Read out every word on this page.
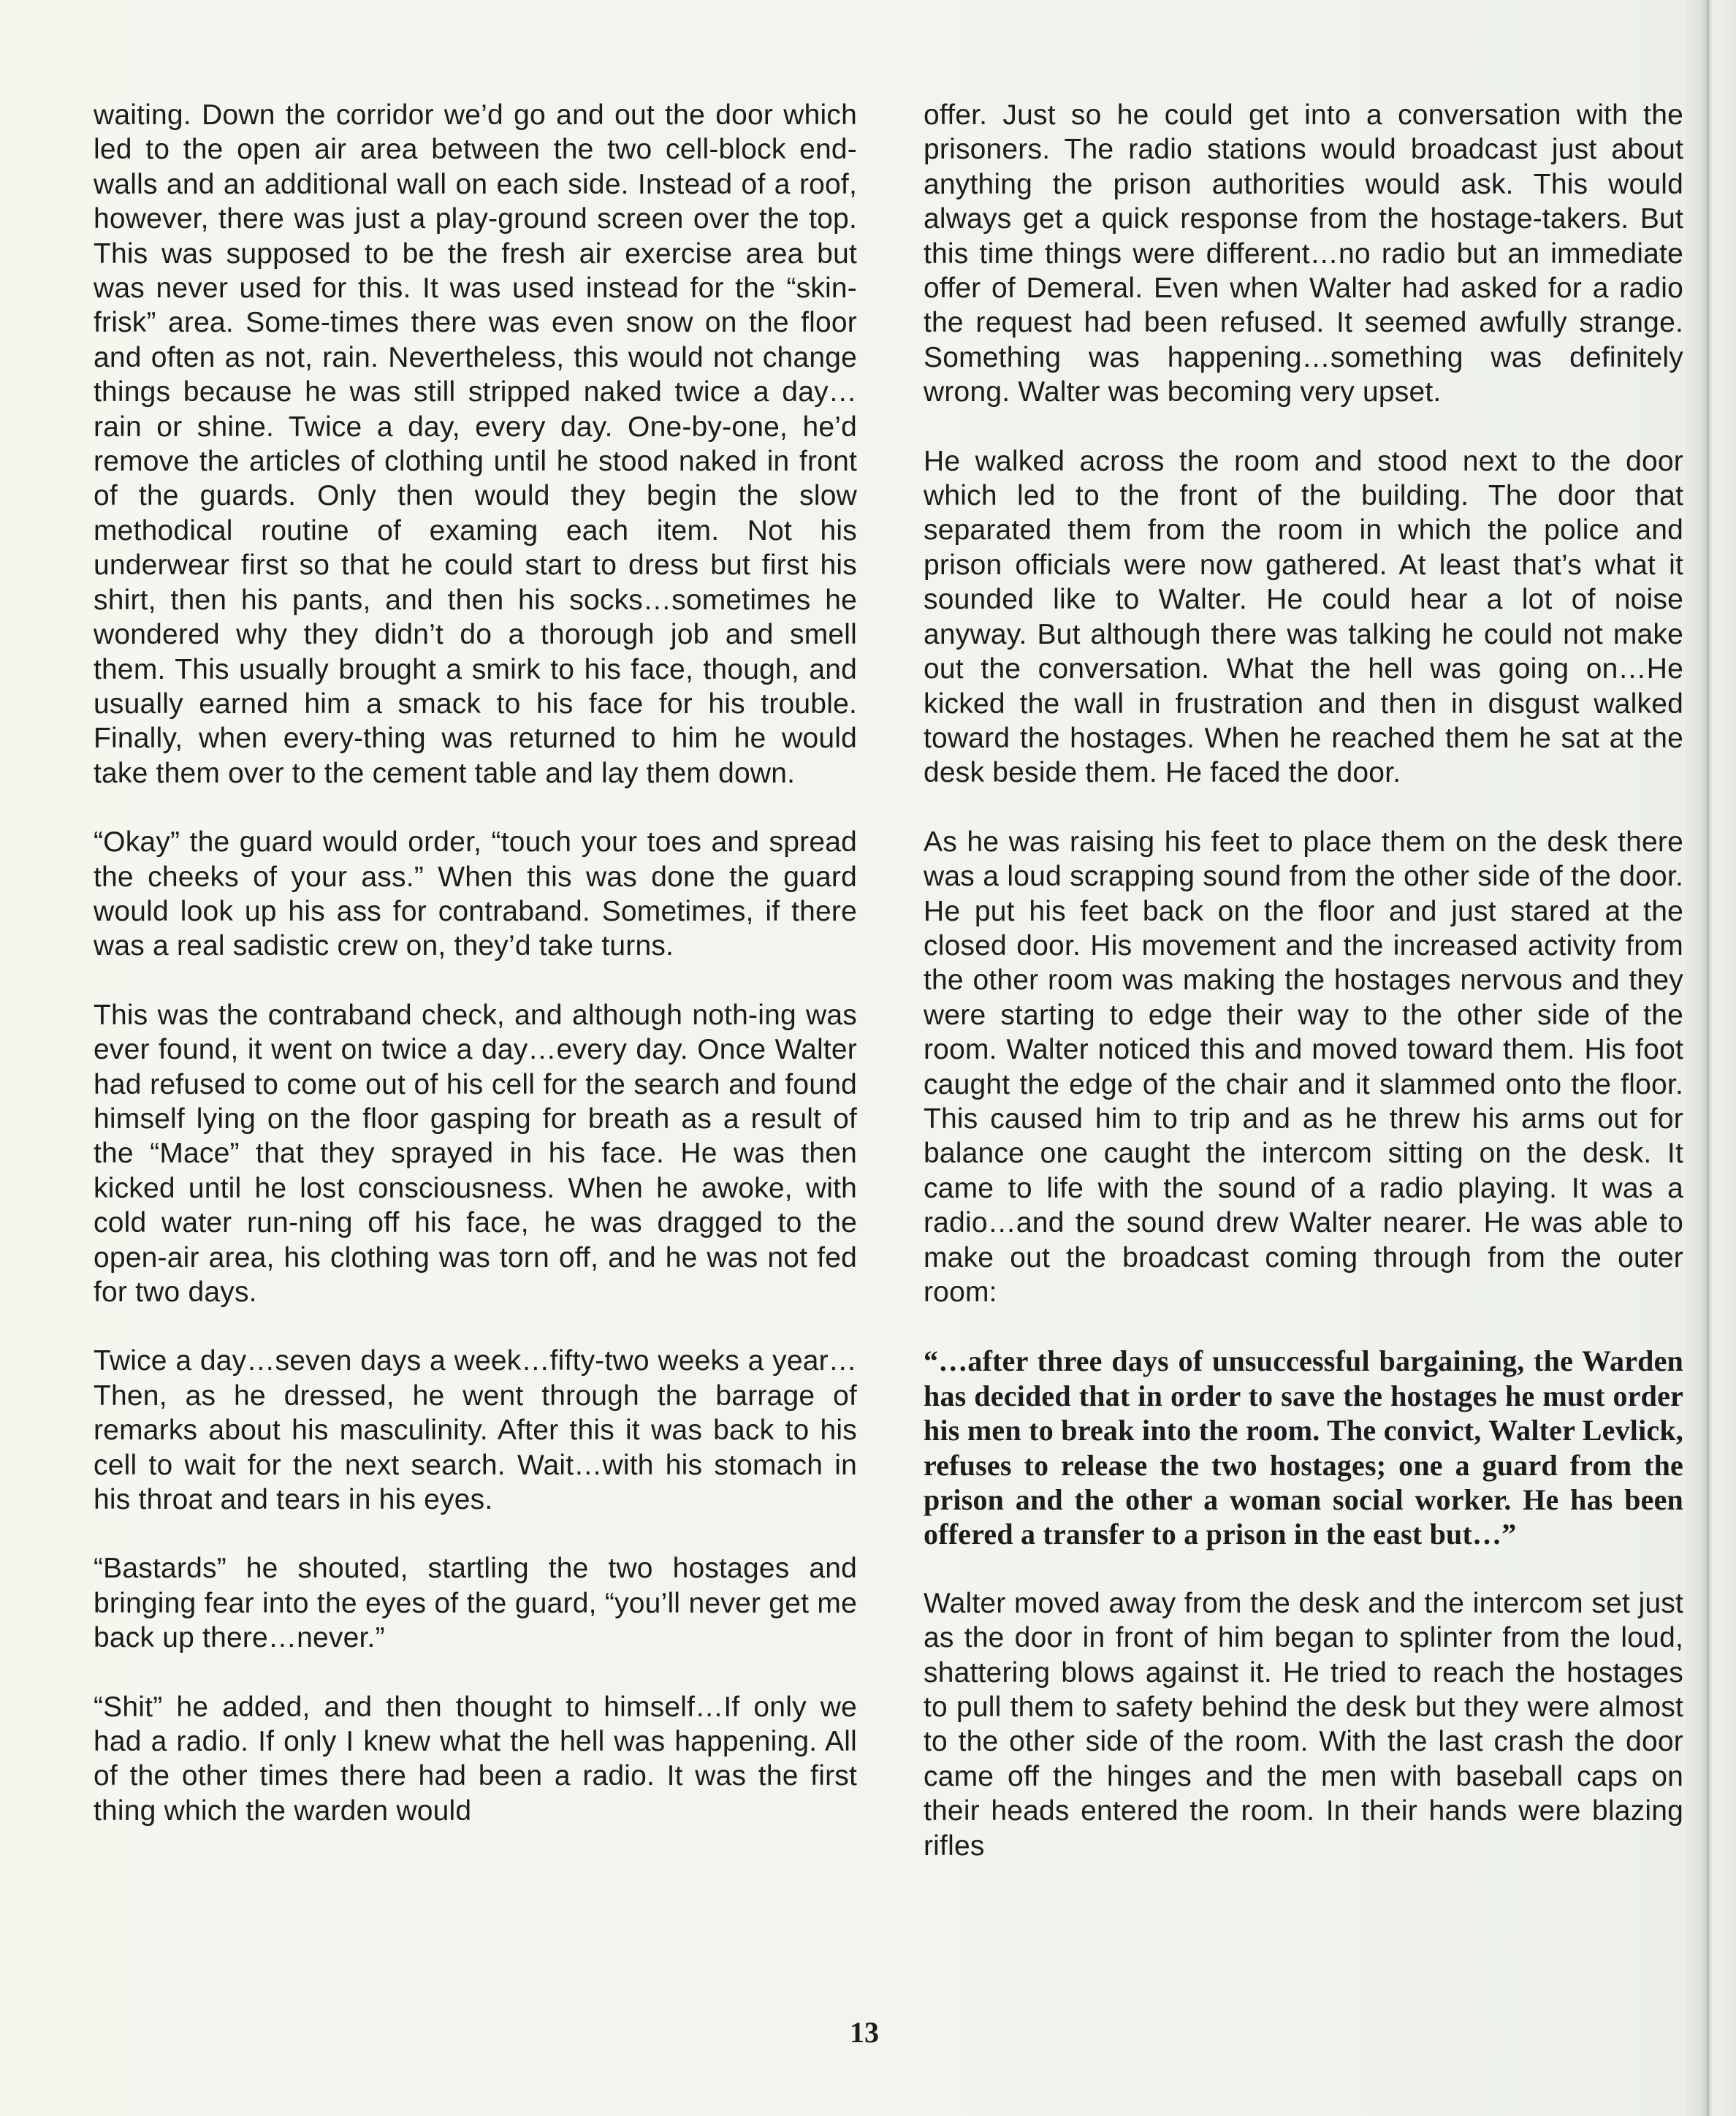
waiting. Down the corridor we’d go and out the door which led to the open air area between the two cell-block end-walls and an additional wall on each side. Instead of a roof, however, there was just a play-ground screen over the top. This was supposed to be the fresh air exercise area but was never used for this. It was used instead for the “skin-frisk” area. Some-times there was even snow on the floor and often as not, rain. Nevertheless, this would not change things because he was still stripped naked twice a day…rain or shine. Twice a day, every day. One-by-one, he’d remove the articles of clothing until he stood naked in front of the guards. Only then would they begin the slow methodical routine of examing each item. Not his underwear first so that he could start to dress but first his shirt, then his pants, and then his socks…sometimes he wondered why they didn’t do a thorough job and smell them. This usually brought a smirk to his face, though, and usually earned him a smack to his face for his trouble. Finally, when every-thing was returned to him he would take them over to the cement table and lay them down.

“Okay” the guard would order, “touch your toes and spread the cheeks of your ass.” When this was done the guard would look up his ass for contraband. Sometimes, if there was a real sadistic crew on, they’d take turns.

This was the contraband check, and although noth-ing was ever found, it went on twice a day…every day. Once Walter had refused to come out of his cell for the search and found himself lying on the floor gasping for breath as a result of the “Mace” that they sprayed in his face. He was then kicked until he lost consciousness. When he awoke, with cold water run-ning off his face, he was dragged to the open-air area, his clothing was torn off, and he was not fed for two days.

Twice a day…seven days a week…fifty-two weeks a year… Then, as he dressed, he went through the barrage of remarks about his masculinity. After this it was back to his cell to wait for the next search. Wait…with his stomach in his throat and tears in his eyes.

“Bastards” he shouted, startling the two hostages and bringing fear into the eyes of the guard, “you’ll never get me back up there…never.”

“Shit” he added, and then thought to himself…If only we had a radio. If only I knew what the hell was happening. All of the other times there had been a radio. It was the first thing which the warden would

offer. Just so he could get into a conversation with the prisoners. The radio stations would broadcast just about anything the prison authorities would ask. This would always get a quick response from the hostage-takers. But this time things were different…no radio but an immediate offer of Demeral. Even when Walter had asked for a radio the request had been refused. It seemed awfully strange. Something was happening…something was definitely wrong. Walter was becoming very upset.

He walked across the room and stood next to the door which led to the front of the building. The door that separated them from the room in which the police and prison officials were now gathered. At least that’s what it sounded like to Walter. He could hear a lot of noise anyway. But although there was talking he could not make out the conversation. What the hell was going on…He kicked the wall in frustration and then in disgust walked toward the hostages. When he reached them he sat at the desk beside them. He faced the door.

As he was raising his feet to place them on the desk there was a loud scrapping sound from the other side of the door. He put his feet back on the floor and just stared at the closed door. His movement and the increased activity from the other room was making the hostages nervous and they were starting to edge their way to the other side of the room. Walter noticed this and moved toward them. His foot caught the edge of the chair and it slammed onto the floor. This caused him to trip and as he threw his arms out for balance one caught the intercom sitting on the desk. It came to life with the sound of a radio playing. It was a radio…and the sound drew Walter nearer. He was able to make out the broadcast coming through from the outer room:

“…after three days of unsuccessful bargaining, the Warden has decided that in order to save the hostages he must order his men to break into the room. The convict, Walter Levlick, refuses to release the two hostages; one a guard from the prison and the other a woman social worker. He has been offered a transfer to a prison in the east but…”

Walter moved away from the desk and the intercom set just as the door in front of him began to splinter from the loud, shattering blows against it. He tried to reach the hostages to pull them to safety behind the desk but they were almost to the other side of the room. With the last crash the door came off the hinges and the men with baseball caps on their heads entered the room. In their hands were blazing rifles

13
